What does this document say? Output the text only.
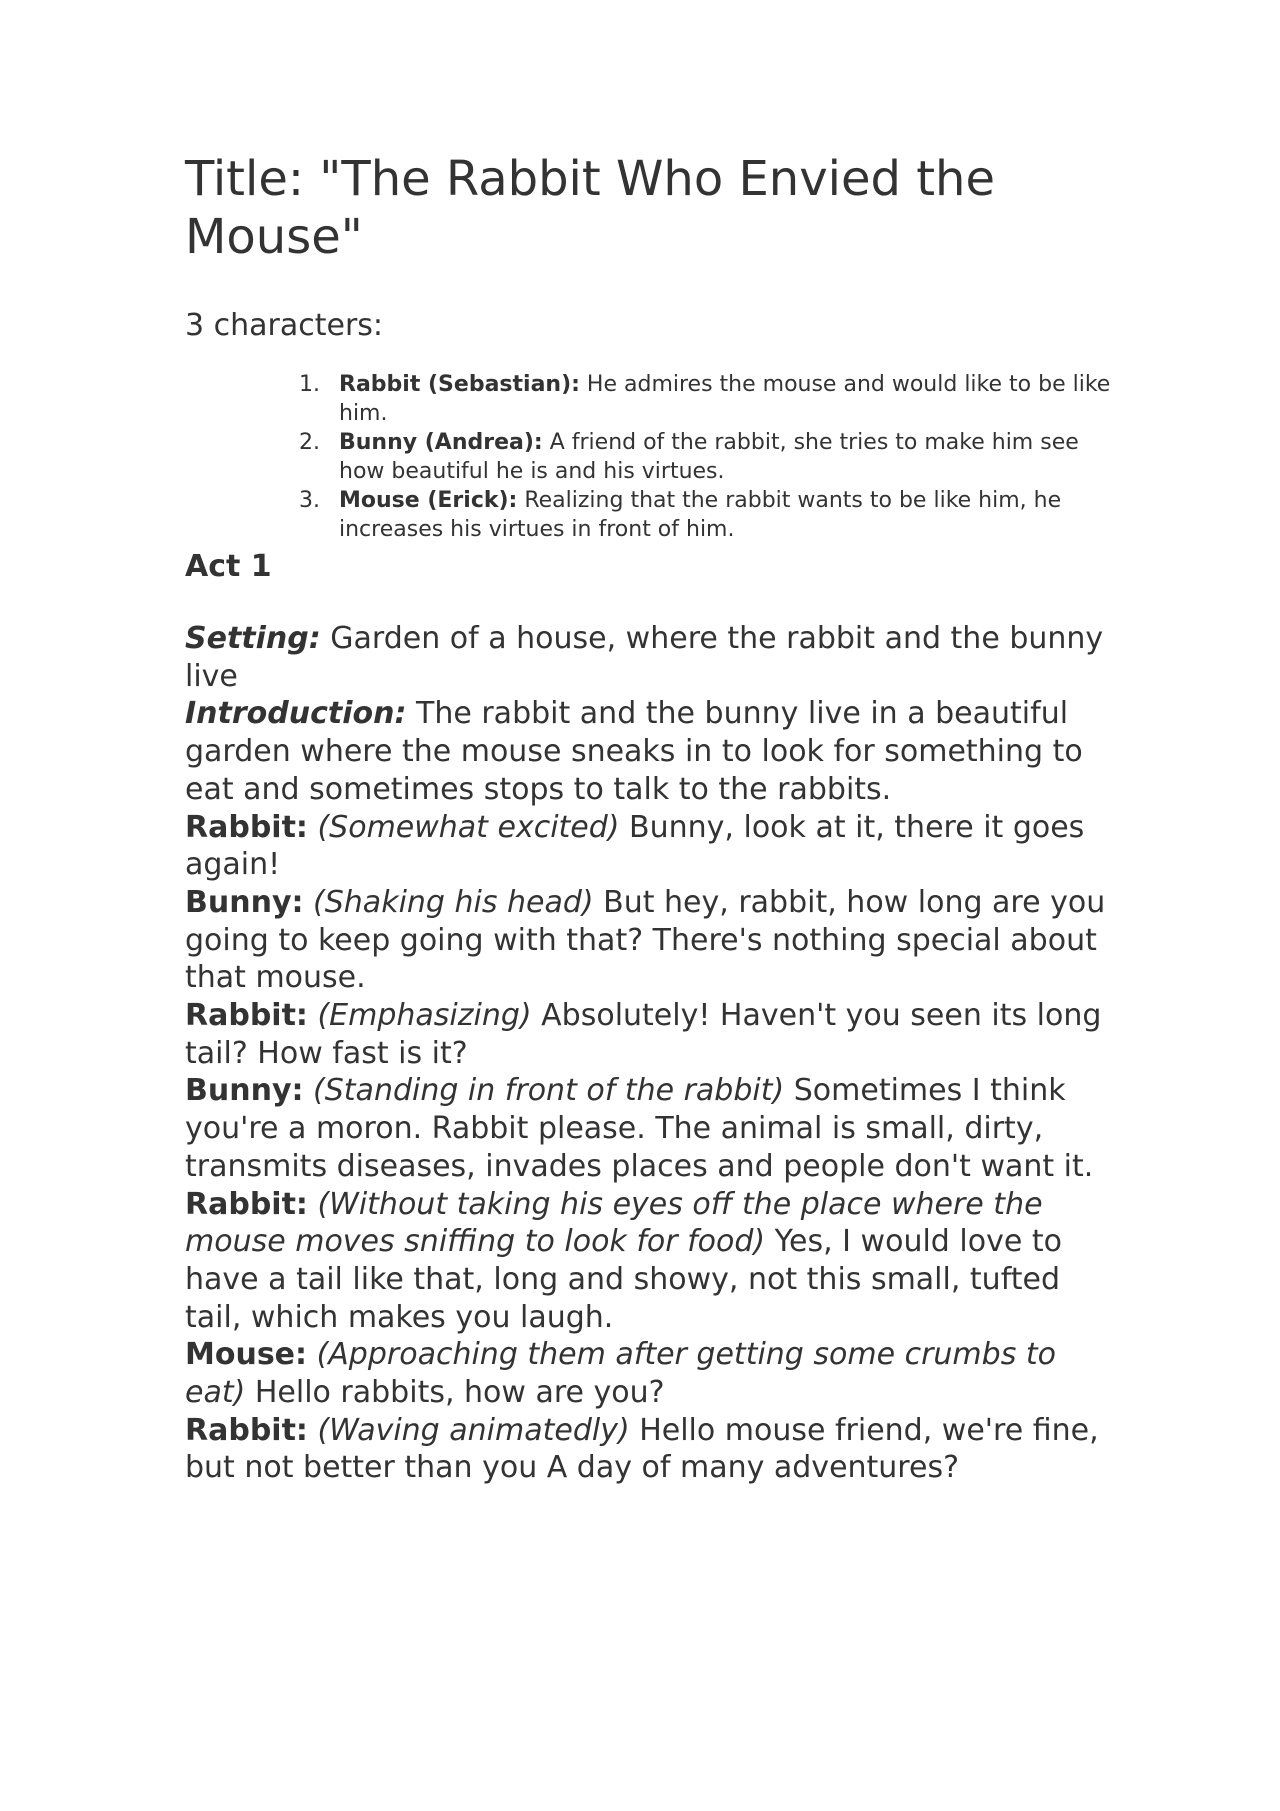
Title: "The Rabbit Who Envied the Mouse"

3 characters:

1. Rabbit (Sebastian): He admires the mouse and would like to be like him.
2. Bunny (Andrea): A friend of the rabbit, she tries to make him see how beautiful he is and his virtues.
3. Mouse (Erick): Realizing that the rabbit wants to be like him, he increases his virtues in front of him.

Act 1

Setting: Garden of a house, where the rabbit and the bunny live

Introduction: The rabbit and the bunny live in a beautiful garden where the mouse sneaks in to look for something to eat and sometimes stops to talk to the rabbits.

Rabbit: (Somewhat excited) Bunny, look at it, there it goes again!

Bunny: (Shaking his head) But hey, rabbit, how long are you going to keep going with that? There's nothing special about that mouse.

Rabbit: (Emphasizing) Absolutely! Haven't you seen its long tail? How fast is it?

Bunny: (Standing in front of the rabbit) Sometimes I think you're a moron. Rabbit please. The animal is small, dirty, transmits diseases, invades places and people don't want it.

Rabbit: (Without taking his eyes off the place where the mouse moves sniffing to look for food) Yes, I would love to have a tail like that, long and showy, not this small, tufted tail, which makes you laugh.

Mouse: (Approaching them after getting some crumbs to eat) Hello rabbits, how are you?

Rabbit: (Waving animatedly) Hello mouse friend, we're fine, but not better than you A day of many adventures?
